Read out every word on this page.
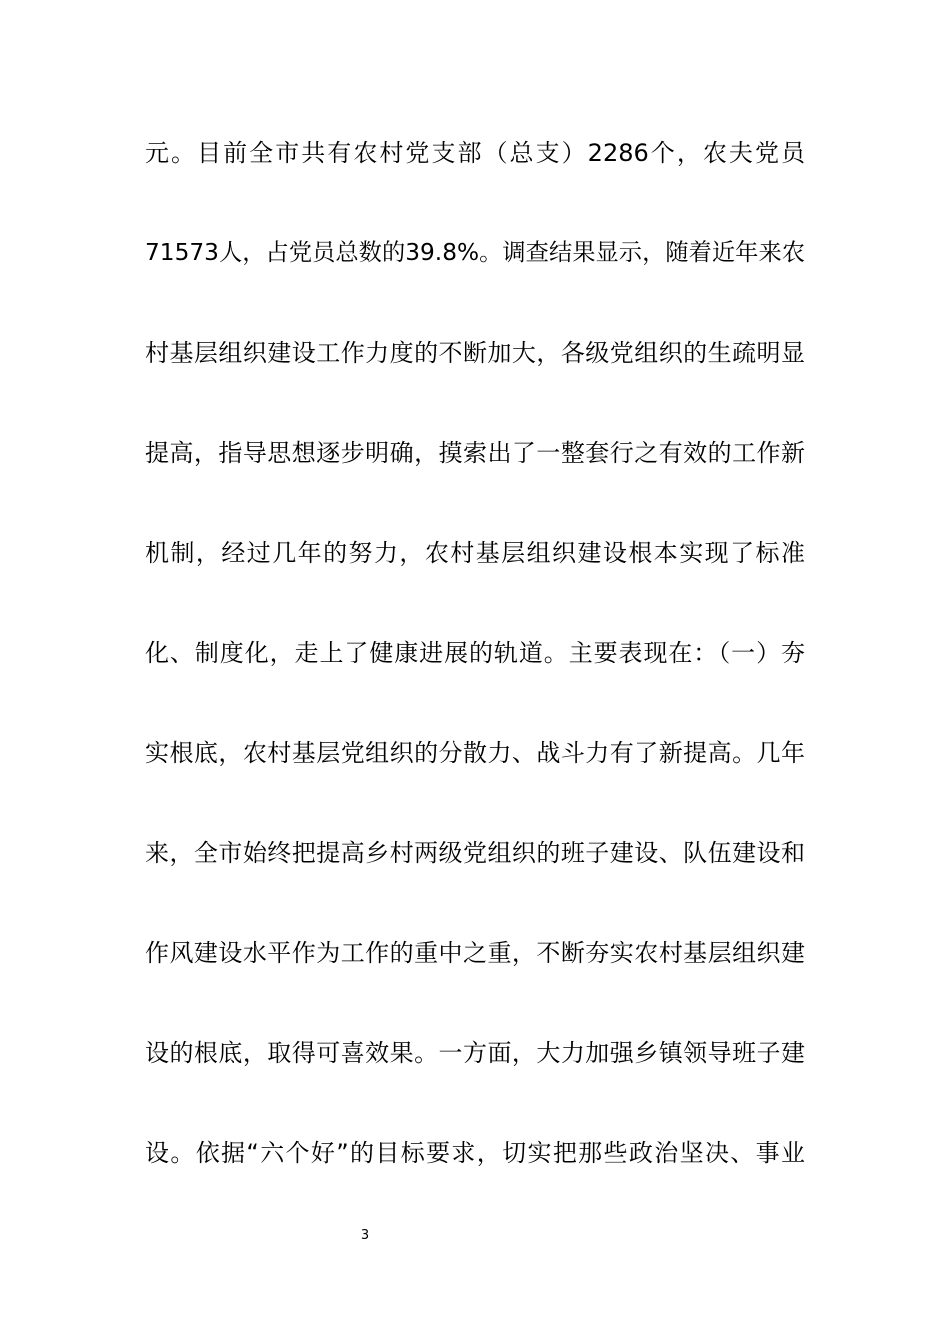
元。目前全市共有农村党支部（总支）2286个，农夫党员
71573人，占党员总数的39.8%。调查结果显示，随着近年来农
村基层组织建设工作力度的不断加大，各级党组织的生疏明显
提高，指导思想逐步明确，摸索出了一整套行之有效的工作新
机制，经过几年的努力，农村基层组织建设根本实现了标准
化、制度化，走上了健康进展的轨道。主要表现在：（一）夯
实根底，农村基层党组织的分散力、战斗力有了新提高。几年
来，全市始终把提高乡村两级党组织的班子建设、队伍建设和
作风建设水平作为工作的重中之重，不断夯实农村基层组织建
设的根底，取得可喜效果。一方面，大力加强乡镇领导班子建
设。依据“六个好”的目标要求，切实把那些政治坚决、事业
3
